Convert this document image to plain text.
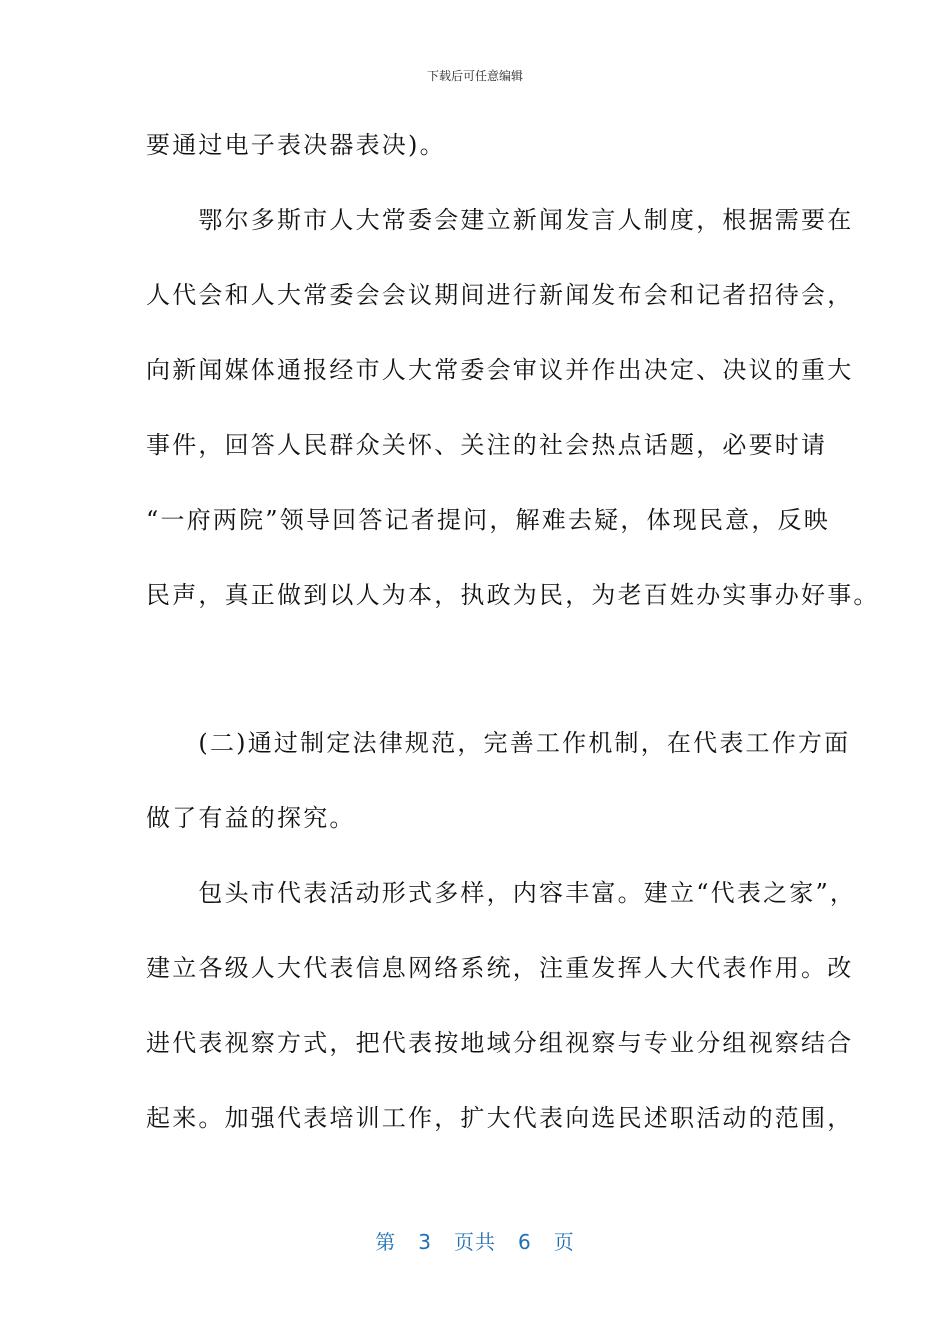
下载后可任意编辑
要通过电子表决器表决)。
　　鄂尔多斯市人大常委会建立新闻发言人制度，根据需要在
人代会和人大常委会会议期间进行新闻发布会和记者招待会，
向新闻媒体通报经市人大常委会审议并作出决定、决议的重大
事件，回答人民群众关怀、关注的社会热点话题，必要时请
“一府两院”领导回答记者提问，解难去疑，体现民意，反映
民声，真正做到以人为本，执政为民，为老百姓办实事办好事。
　　(二)通过制定法律规范，完善工作机制，在代表工作方面
做了有益的探究。
　　包头市代表活动形式多样，内容丰富。建立“代表之家”，
建立各级人大代表信息网络系统，注重发挥人大代表作用。改
进代表视察方式，把代表按地域分组视察与专业分组视察结合
起来。加强代表培训工作，扩大代表向选民述职活动的范围，
第 3 页共 6 页
